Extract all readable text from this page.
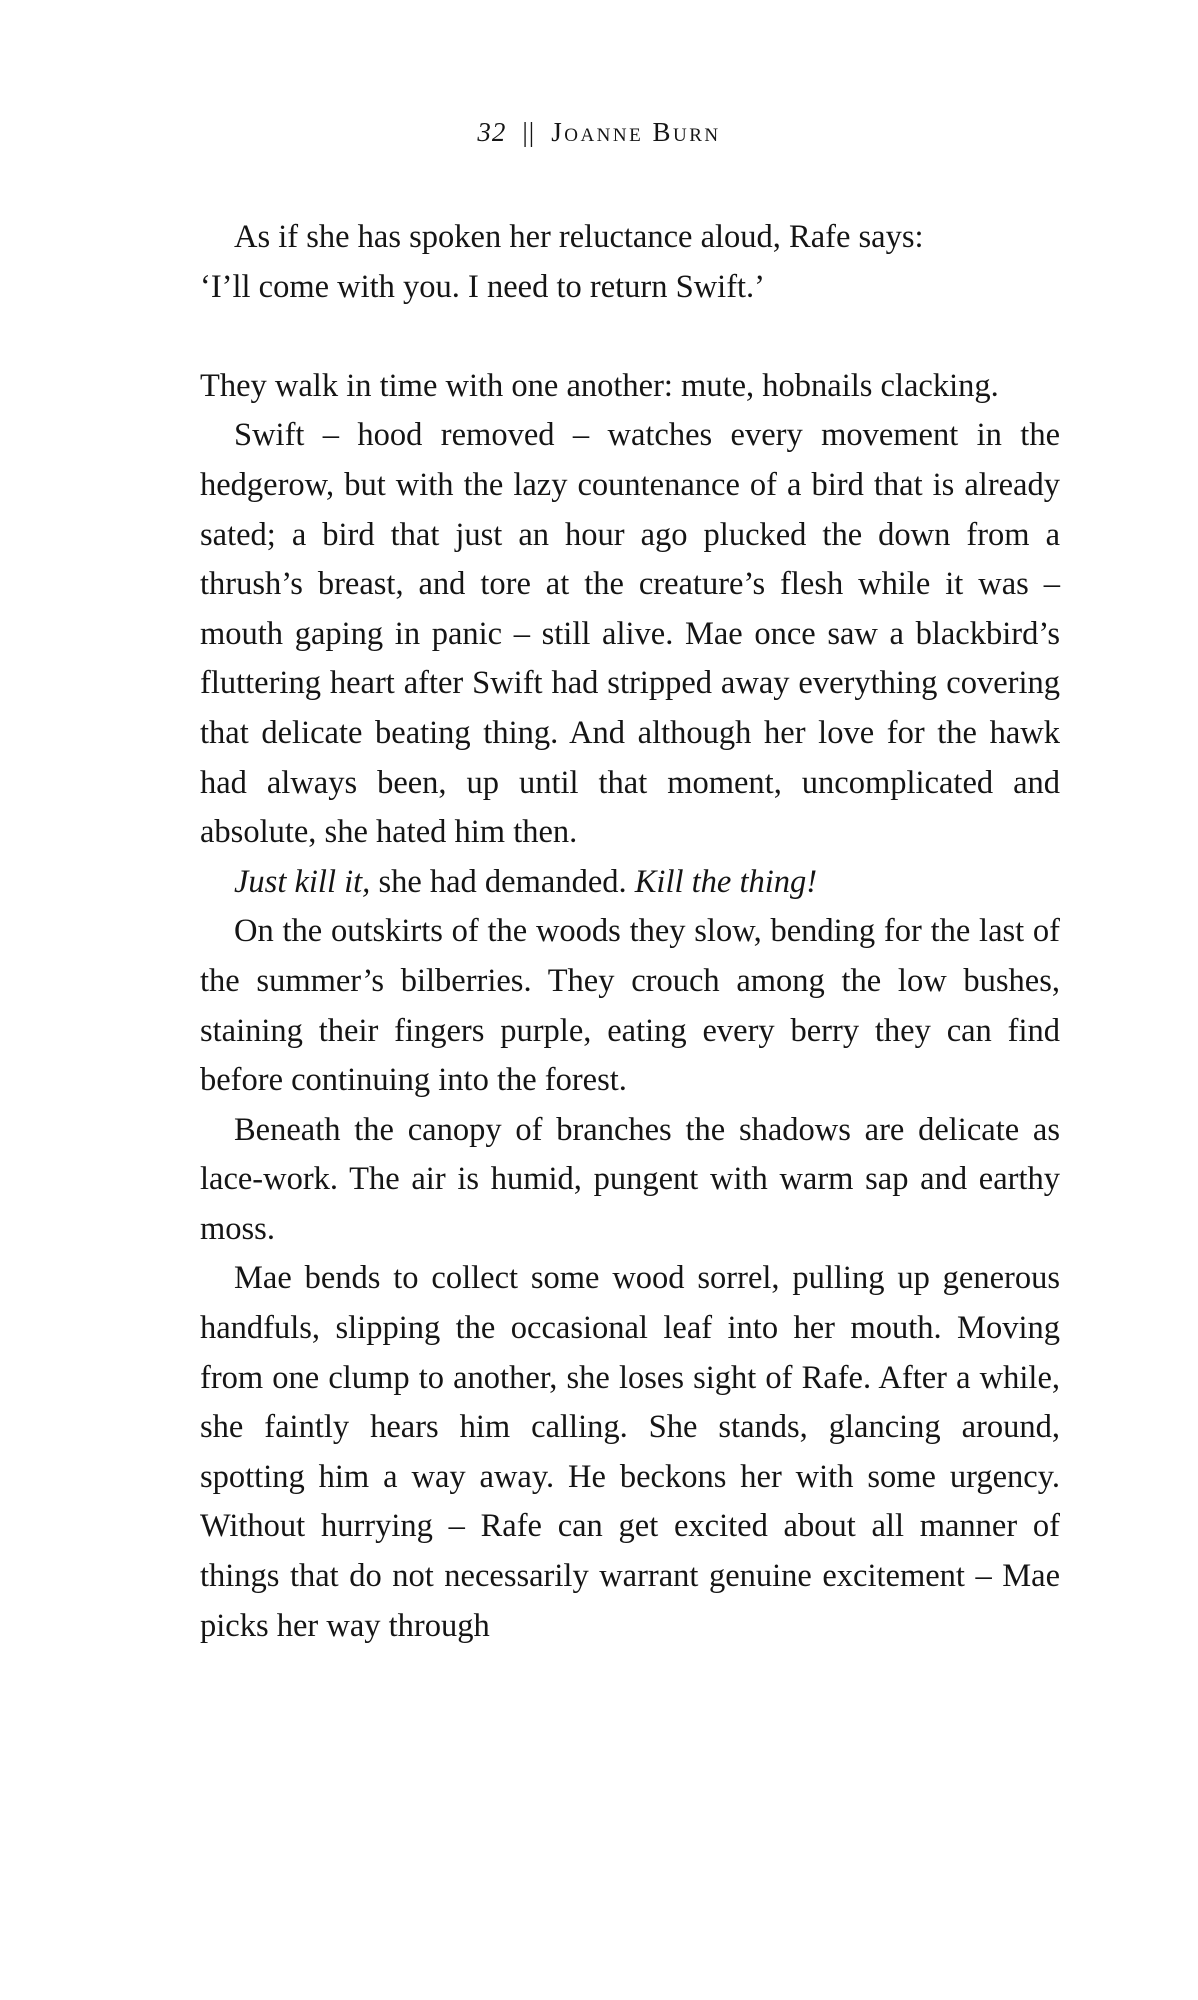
32 || Joanne Burn

As if she has spoken her reluctance aloud, Rafe says:
‘I’ll come with you. I need to return Swift.’

They walk in time with one another: mute, hobnails clacking.

Swift – hood removed – watches every movement in the hedgerow, but with the lazy countenance of a bird that is already sated; a bird that just an hour ago plucked the down from a thrush’s breast, and tore at the creature’s flesh while it was – mouth gaping in panic – still alive. Mae once saw a blackbird’s fluttering heart after Swift had stripped away everything covering that delicate beating thing. And although her love for the hawk had always been, up until that moment, uncomplicated and absolute, she hated him then.

Just kill it, she had demanded. Kill the thing!

On the outskirts of the woods they slow, bending for the last of the summer’s bilberries. They crouch among the low bushes, staining their fingers purple, eating every berry they can find before continuing into the forest.

Beneath the canopy of branches the shadows are delicate as lace-work. The air is humid, pungent with warm sap and earthy moss.

Mae bends to collect some wood sorrel, pulling up generous handfuls, slipping the occasional leaf into her mouth. Moving from one clump to another, she loses sight of Rafe. After a while, she faintly hears him calling. She stands, glancing around, spotting him a way away. He beckons her with some urgency. Without hurrying – Rafe can get excited about all manner of things that do not necessarily warrant genuine excitement – Mae picks her way through
